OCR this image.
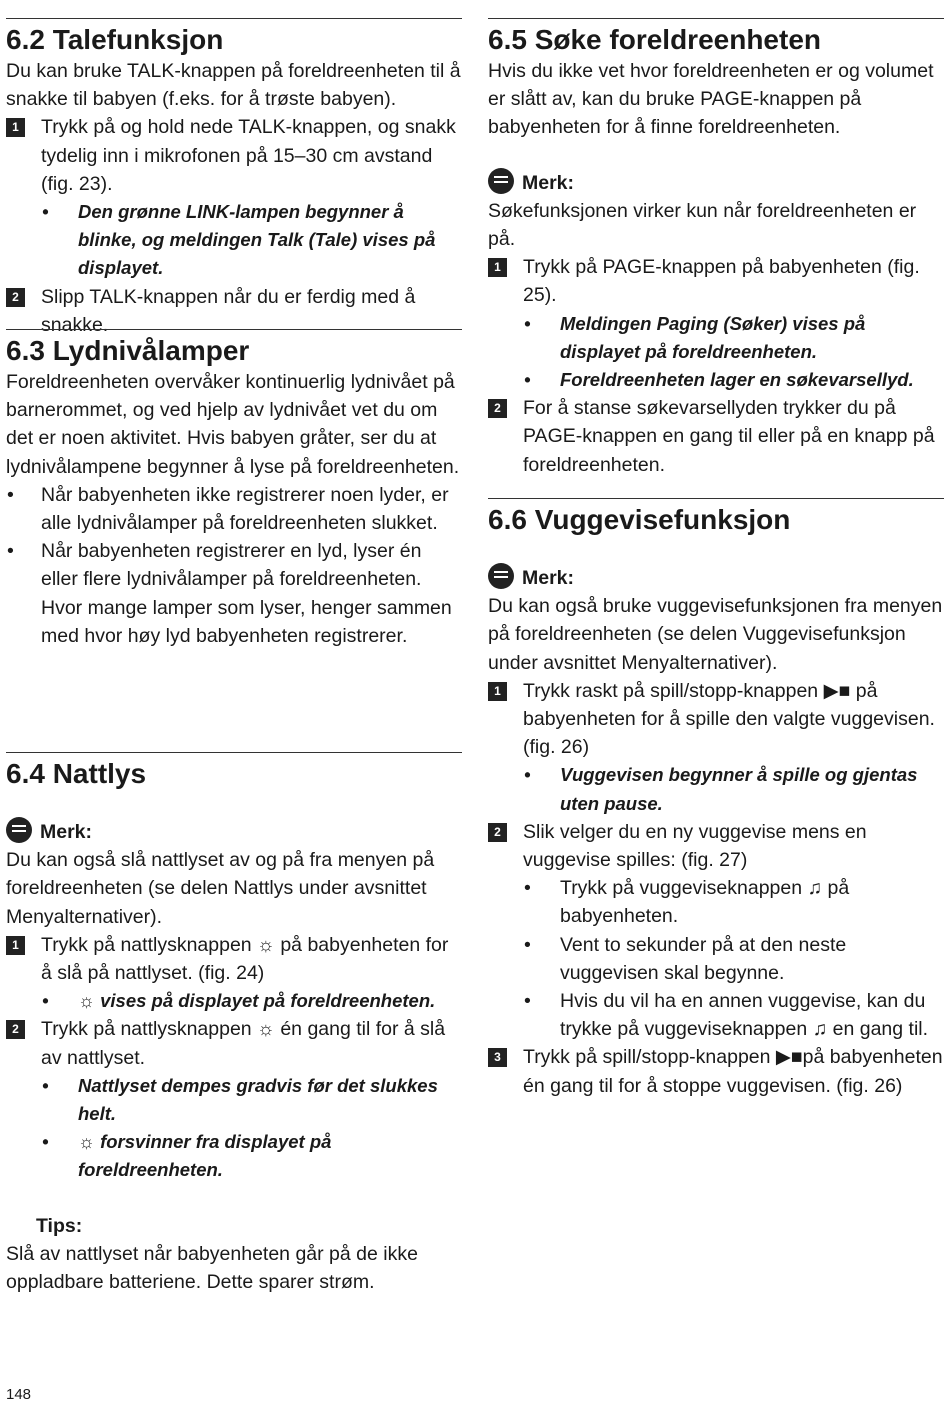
6.2 Talefunksjon

Du kan bruke TALK-knappen på foreldreenheten til å snakke til babyen (f.eks. for å trøste babyen).

1	Trykk på og hold nede TALK-knappen, og snakk tydelig inn i mikrofonen på 15–30 cm avstand (fig. 23).
• Den grønne LINK-lampen begynner å blinke, og meldingen Talk (Tale) vises på displayet.
2	Slipp TALK-knappen når du er ferdig med å snakke.
6.3 Lydnivålamper

Foreldreenheten overvåker kontinuerlig lydnivået på barnerommet, og ved hjelp av lydnivået vet du om det er noen aktivitet. Hvis babyen gråter, ser du at lydnivålampene begynner å lyse på foreldreenheten.

• Når babyenheten ikke registrerer noen lyder, er alle lydnivålamper på foreldreenheten slukket.
• Når babyenheten registrerer en lyd, lyser én eller flere lydnivålamper på foreldreenheten. Hvor mange lamper som lyser, henger sammen med hvor høy lyd babyenheten registrerer.
6.4 Nattlys

Merk:

Du kan også slå nattlyset av og på fra menyen på foreldreenheten (se delen Nattlys under avsnittet Menyalternativer).

1	Trykk på nattlysknappen ☼ på babyenheten for å slå på nattlyset. (fig. 24)
• ☼ vises på displayet på foreldreenheten.
2	Trykk på nattlysknappen ☼ én gang til for å slå av nattlyset.
• Nattlyset dempes gradvis før det slukkes helt.
• ☼ forsvinner fra displayet på foreldreenheten.

✱Tips:

Slå av nattlyset når babyenheten går på de ikke oppladbare batteriene. Dette sparer strøm.

6.5 Søke foreldreenheten

Hvis du ikke vet hvor foreldreenheten er og volumet er slått av, kan du bruke PAGE-knappen på babyenheten for å finne foreldreenheten.

Merk:

Søkefunksjonen virker kun når foreldreenheten er på.

1	Trykk på PAGE-knappen på babyenheten (fig. 25).
• Meldingen Paging (Søker) vises på displayet på foreldreenheten.
• Foreldreenheten lager en søkevarsellyd.
2	For å stanse søkevarsellyden trykker du på PAGE-knappen en gang til eller på en knapp på foreldreenheten.
6.6 Vuggevisefunksjon

Merk:

Du kan også bruke vuggevisefunksjonen fra menyen på foreldreenheten (se delen Vuggevisefunksjon under avsnittet Menyalternativer).

1	Trykk raskt på spill/stopp-knappen ▶■ på babyenheten for å spille den valgte vuggevisen. (fig. 26)
• Vuggevisen begynner å spille og gjentas uten pause.
2	Slik velger du en ny vuggevise mens en vuggevise spilles: (fig. 27)
• Trykk på vuggeviseknappen ♫ på babyenheten.
• Vent to sekunder på at den neste vuggevisen skal begynne.
• Hvis du vil ha en annen vuggevise, kan du trykke på vuggeviseknappen ♫ en gang til.
3	Trykk på spill/stopp-knappen ▶■på babyenheten én gang til for å stoppe vuggevisen. (fig. 26)
148
